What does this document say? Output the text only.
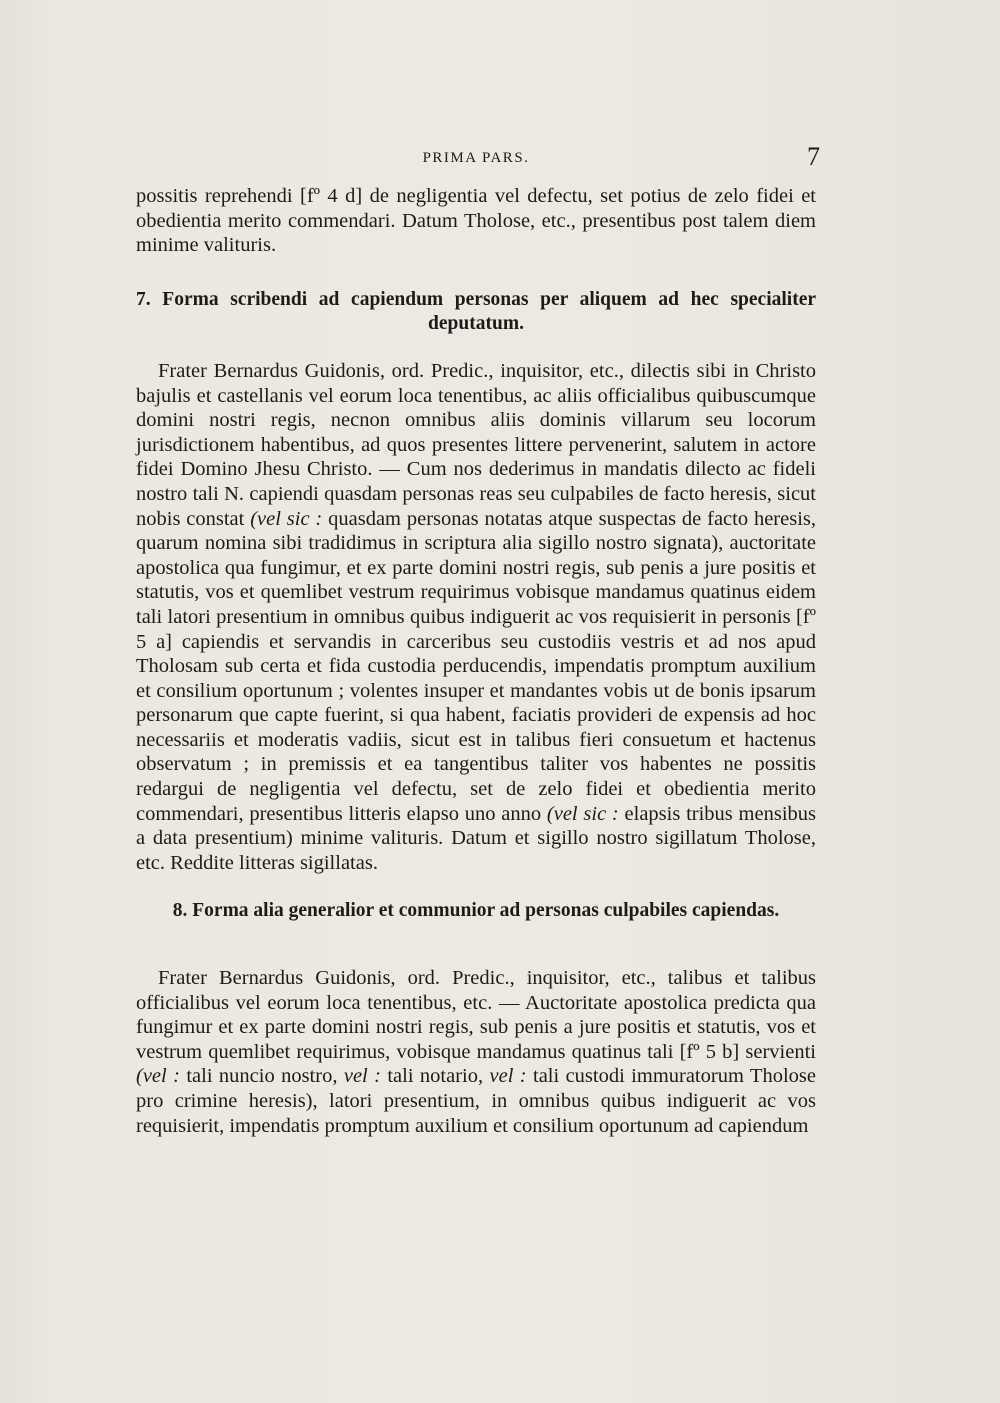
PRIMA PARS.	7

possitis reprehendi [fº 4 d] de negligentia vel defectu, set potius de zelo fidei et obedientia merito commendari. Datum Tholose, etc., presentibus post talem diem minime valituris.

7. Forma scribendi ad capiendum personas per aliquem ad hec specialiter deputatum.

Frater Bernardus Guidonis, ord. Predic., inquisitor, etc., dilectis sibi in Christo bajulis et castellanis vel eorum loca tenentibus, ac aliis officialibus quibuscumque domini nostri regis, necnon omnibus aliis dominis villarum seu locorum jurisdictionem habentibus, ad quos presentes littere pervenerint, salutem in actore fidei Domino Jhesu Christo. — Cum nos dederimus in mandatis dilecto ac fideli nostro tali N. capiendi quasdam personas reas seu culpabiles de facto heresis, sicut nobis constat (vel sic : quasdam personas notatas atque suspectas de facto heresis, quarum nomina sibi tradidimus in scriptura alia sigillo nostro signata), auctoritate apostolica qua fungimur, et ex parte domini nostri regis, sub penis a jure positis et statutis, vos et quemlibet vestrum requirimus vobisque mandamus quatinus eidem tali latori presentium in omnibus quibus indiguerit ac vos requisierit in personis [fº 5 a] capiendis et servandis in carceribus seu custodiis vestris et ad nos apud Tholosam sub certa et fida custodia perducendis, impendatis promptum auxilium et consilium oportunum ; volentes insuper et mandantes vobis ut de bonis ipsarum personarum que capte fuerint, si qua habent, faciatis provideri de expensis ad hoc necessariis et moderatis vadiis, sicut est in talibus fieri consuetum et hactenus observatum ; in premissis et ea tangentibus taliter vos habentes ne possitis redargui de negligentia vel defectu, set de zelo fidei et obedientia merito commendari, presentibus litteris elapso uno anno (vel sic : elapsis tribus mensibus a data presentium) minime valituris. Datum et sigillo nostro sigillatum Tholose, etc. Reddite litteras sigillatas.

8. Forma alia generalior et communior ad personas culpabiles capiendas.

Frater Bernardus Guidonis, ord. Predic., inquisitor, etc., talibus et talibus officialibus vel eorum loca tenentibus, etc. — Auctoritate apostolica predicta qua fungimur et ex parte domini nostri regis, sub penis a jure positis et statutis, vos et vestrum quemlibet requirimus, vobisque mandamus quatinus tali [fº 5 b] servienti (vel : tali nuncio nostro, vel : tali notario, vel : tali custodi immuratorum Tholose pro crimine heresis), latori presentium, in omnibus quibus indiguerit ac vos requisierit, impendatis promptum auxilium et consilium oportunum ad capiendum
